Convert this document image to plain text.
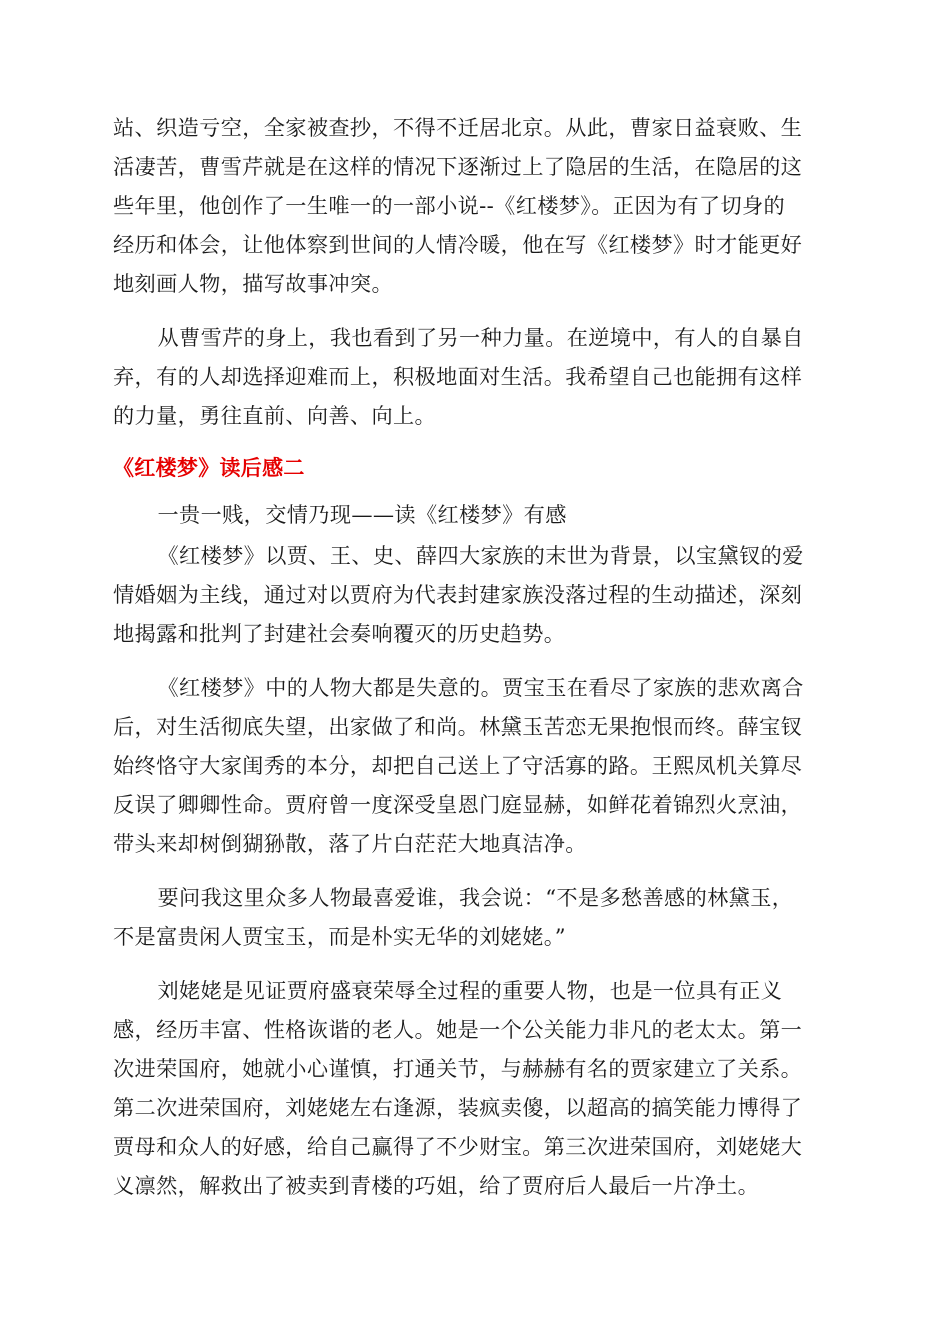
站、织造亏空，全家被查抄，不得不迁居北京。从此，曹家日益衰败、生
活凄苦，曹雪芹就是在这样的情况下逐渐过上了隐居的生活，在隐居的这
些年里，他创作了一生唯一的一部小说--《红楼梦》。正因为有了切身的
经历和体会，让他体察到世间的人情冷暖，他在写《红楼梦》时才能更好
地刻画人物，描写故事冲突。

从曹雪芹的身上，我也看到了另一种力量。在逆境中，有人的自暴自
弃，有的人却选择迎难而上，积极地面对生活。我希望自己也能拥有这样
的力量，勇往直前、向善、向上。

《红楼梦》读后感二

一贵一贱，交情乃现——读《红楼梦》有感

《红楼梦》以贾、王、史、薛四大家族的末世为背景，以宝黛钗的爱
情婚姻为主线，通过对以贾府为代表封建家族没落过程的生动描述，深刻
地揭露和批判了封建社会奏响覆灭的历史趋势。

《红楼梦》中的人物大都是失意的。贾宝玉在看尽了家族的悲欢离合
后，对生活彻底失望，出家做了和尚。林黛玉苦恋无果抱恨而终。薛宝钗
始终恪守大家闺秀的本分，却把自己送上了守活寡的路。王熙凤机关算尽
反误了卿卿性命。贾府曾一度深受皇恩门庭显赫，如鲜花着锦烈火烹油，
带头来却树倒猢狲散，落了片白茫茫大地真洁净。

要问我这里众多人物最喜爱谁，我会说：“不是多愁善感的林黛玉，
不是富贵闲人贾宝玉，而是朴实无华的刘姥姥。”

刘姥姥是见证贾府盛衰荣辱全过程的重要人物，也是一位具有正义
感，经历丰富、性格诙谐的老人。她是一个公关能力非凡的老太太。第一
次进荣国府，她就小心谨慎，打通关节，与赫赫有名的贾家建立了关系。
第二次进荣国府，刘姥姥左右逢源，装疯卖傻，以超高的搞笑能力博得了
贾母和众人的好感，给自己赢得了不少财宝。第三次进荣国府，刘姥姥大
义凛然，解救出了被卖到青楼的巧姐，给了贾府后人最后一片净土。
